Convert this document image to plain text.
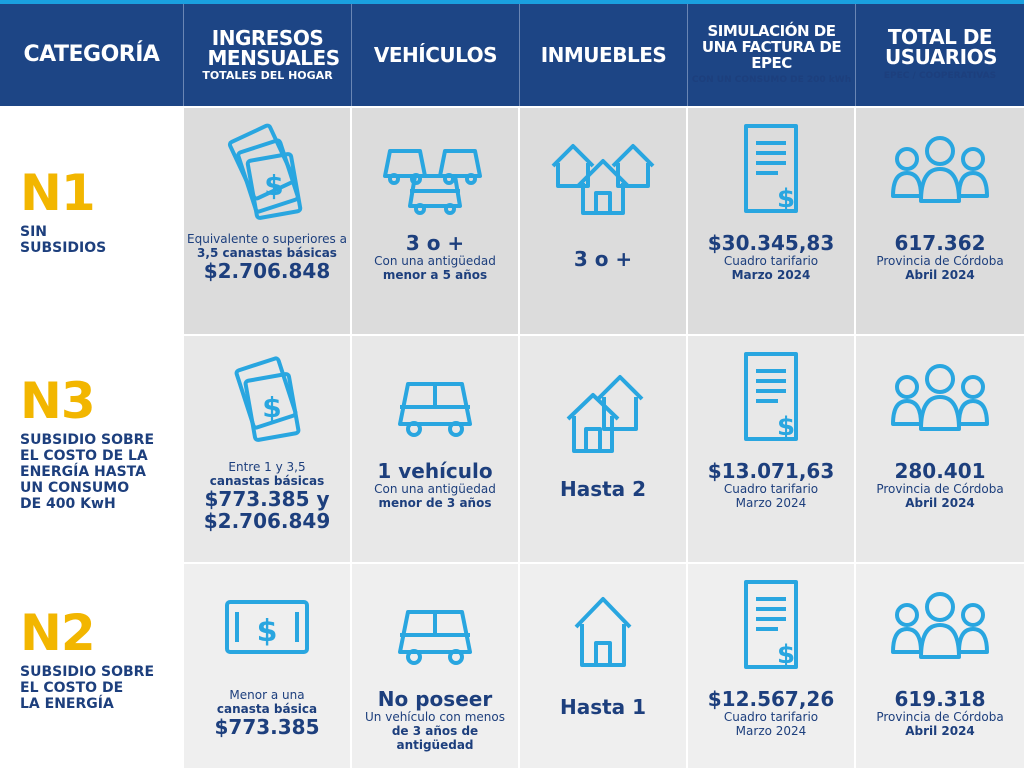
CATEGORÍA
INGRESOS MENSUALES
TOTALES DEL HOGAR
VEHÍCULOS INMUEBLES
SIMULACIÓN DE UNA FACTURA DE EPEC
CON UN CONSUMO DE 200 kWh
TOTAL DE USUARIOS
EPEC / COOPERATIVAS
N1
SIN
SUBSIDIOS
$
Equivalente o superiores a
3,5 canastas básicas
$2.706.848
3 o +
Con una antigüedad
menor a 5 años
3 o +
$
$30.345,83
Cuadro tarifario
Marzo 2024
617.362
Provincia de Córdoba
Abril 2024
N3
SUBSIDIO SOBRE
EL COSTO DE LA
ENERGÍA HASTA
UN CONSUMO
DE 400 KwH
$
Entre 1 y 3,5
canastas básicas
$773.385 y
$2.706.849
1 vehículo
Con una antigüedad
menor de 3 años
Hasta 2
$
$13.071,63
Cuadro tarifario
Marzo 2024
280.401
Provincia de Córdoba
Abril 2024
N2
SUBSIDIO SOBRE
EL COSTO DE
LA ENERGÍA
$
Menor a una
canasta básica
$773.385
No poseer
Un vehículo con menos
de 3 años de antigüedad
Hasta 1
$
$12.567,26
Cuadro tarifario
Marzo 2024
619.318
Provincia de Córdoba
Abril 2024
